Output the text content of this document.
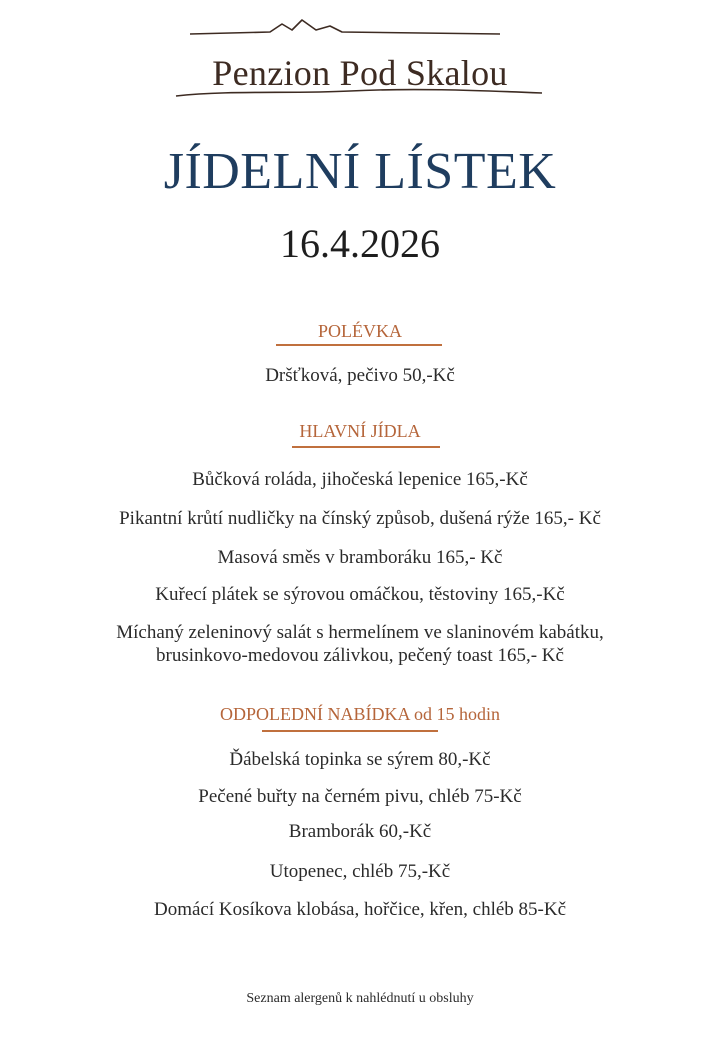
Penzion Pod Skalou
JÍDELNÍ LÍSTEK
16.4.2026
POLÉVKA
Dršťková, pečivo 50,-Kč
HLAVNÍ JÍDLA
Bůčková roláda, jihočeská lepenice 165,-Kč
Pikantní krůtí nudličky na čínský způsob, dušená rýže 165,- Kč
Masová směs v bramboráku 165,- Kč
Kuřecí plátek se sýrovou omáčkou, těstoviny 165,-Kč
Míchaný zeleninový salát s hermelínem ve slaninovém kabátku,
brusinkovo-medovou zálivkou, pečený toast 165,- Kč
ODPOLEDNÍ NABÍDKA od 15 hodin
Ďábelská topinka se sýrem 80,-Kč
Pečené buřty na černém pivu, chléb 75-Kč
Bramborák 60,-Kč
Utopenec, chléb 75,-Kč
Domácí Kosíkova klobása, hořčice, křen, chléb 85-Kč
Seznam alergenů k nahlédnutí u obsluhy
